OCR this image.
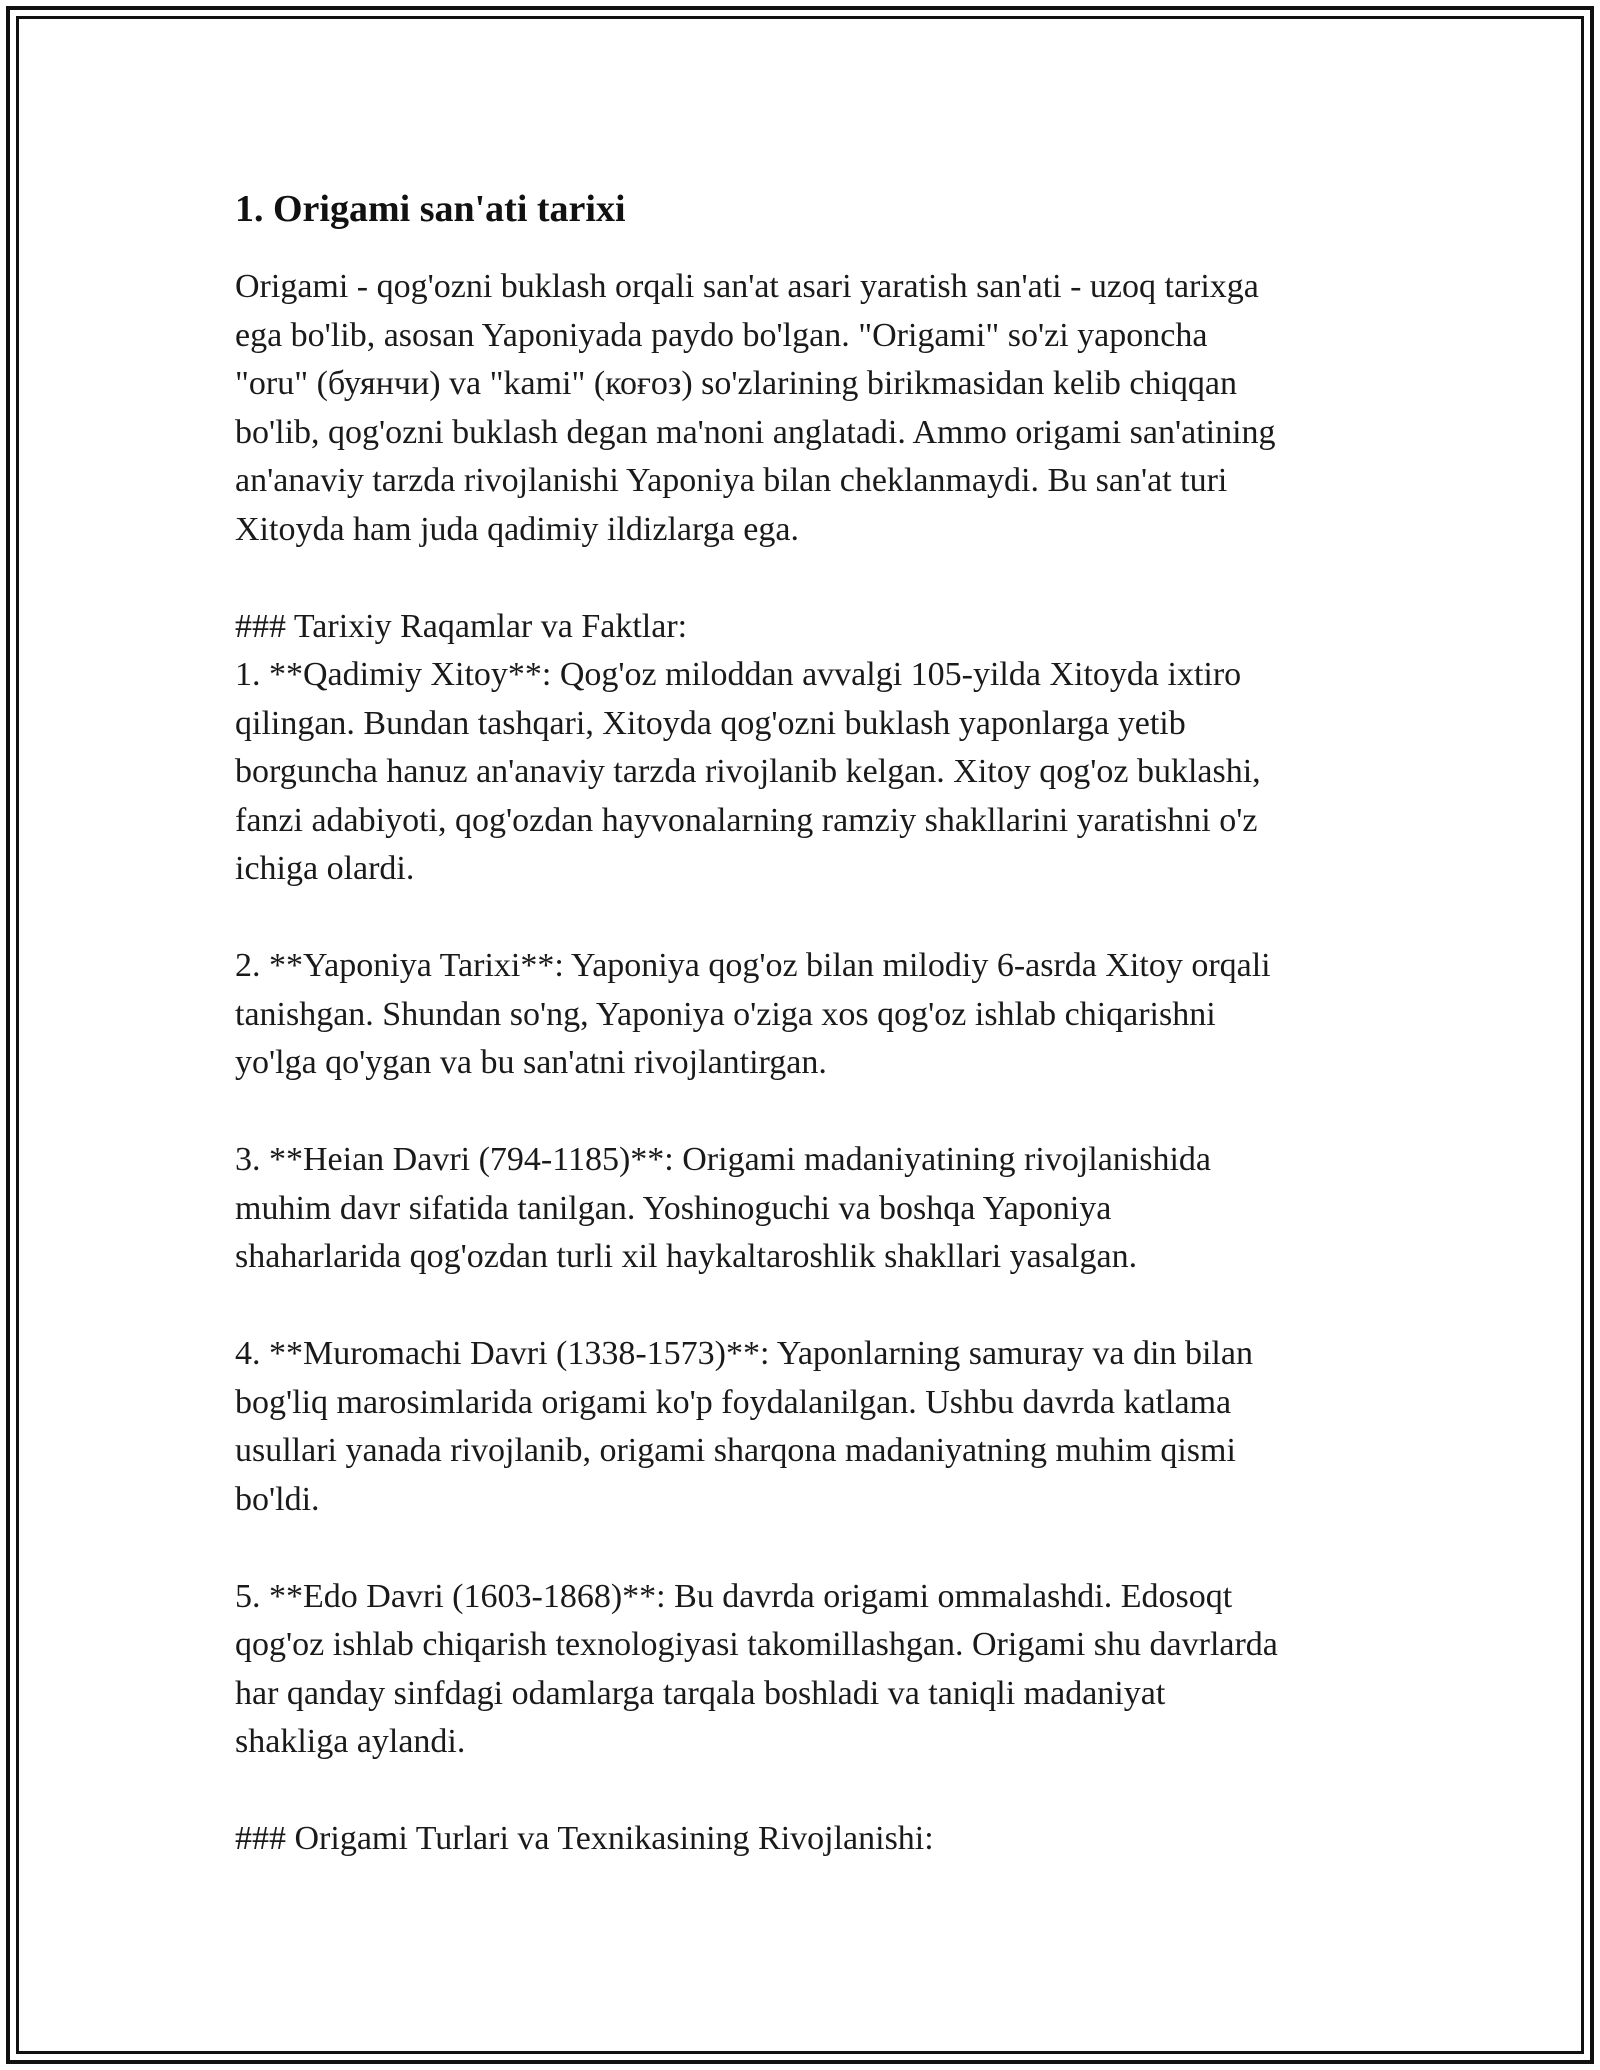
1. Origami san'ati tarixi

Origami - qog'ozni buklash orqali san'at asari yaratish san'ati - uzoq tarixga
ega bo'lib, asosan Yaponiyada paydo bo'lgan. "Origami" so'zi yaponcha
"oru" (буянчи) va "kami" (коғоз) so'zlarining birikmasidan kelib chiqqan
bo'lib, qog'ozni buklash degan ma'noni anglatadi. Ammo origami san'atining
an'anaviy tarzda rivojlanishi Yaponiya bilan cheklanmaydi. Bu san'at turi
Xitoyda ham juda qadimiy ildizlarga ega.

### Tarixiy Raqamlar va Faktlar:

1. **Qadimiy Xitoy**: Qog'oz miloddan avvalgi 105-yilda Xitoyda ixtiro
qilingan. Bundan tashqari, Xitoyda qog'ozni buklash yaponlarga yetib
borguncha hanuz an'anaviy tarzda rivojlanib kelgan. Xitoy qog'oz buklashi,
fanzi adabiyoti, qog'ozdan hayvonalarning ramziy shakllarini yaratishni o'z
ichiga olardi.

2. **Yaponiya Tarixi**: Yaponiya qog'oz bilan milodiy 6-asrda Xitoy orqali
tanishgan. Shundan so'ng, Yaponiya o'ziga xos qog'oz ishlab chiqarishni
yo'lga qo'ygan va bu san'atni rivojlantirgan.

3. **Heian Davri (794-1185)**: Origami madaniyatining rivojlanishida
muhim davr sifatida tanilgan. Yoshinoguchi va boshqa Yaponiya
shaharlarida qog'ozdan turli xil haykaltaroshlik shakllari yasalgan.

4. **Muromachi Davri (1338-1573)**: Yaponlarning samuray va din bilan
bog'liq marosimlarida origami ko'p foydalanilgan. Ushbu davrda katlama
usullari yanada rivojlanib, origami sharqona madaniyatning muhim qismi
bo'ldi.

5. **Edo Davri (1603-1868)**: Bu davrda origami ommalashdi. Edosoqt
qog'oz ishlab chiqarish texnologiyasi takomillashgan. Origami shu davrlarda
har qanday sinfdagi odamlarga tarqala boshladi va taniqli madaniyat
shakliga aylandi.

### Origami Turlari va Texnikasining Rivojlanishi:
